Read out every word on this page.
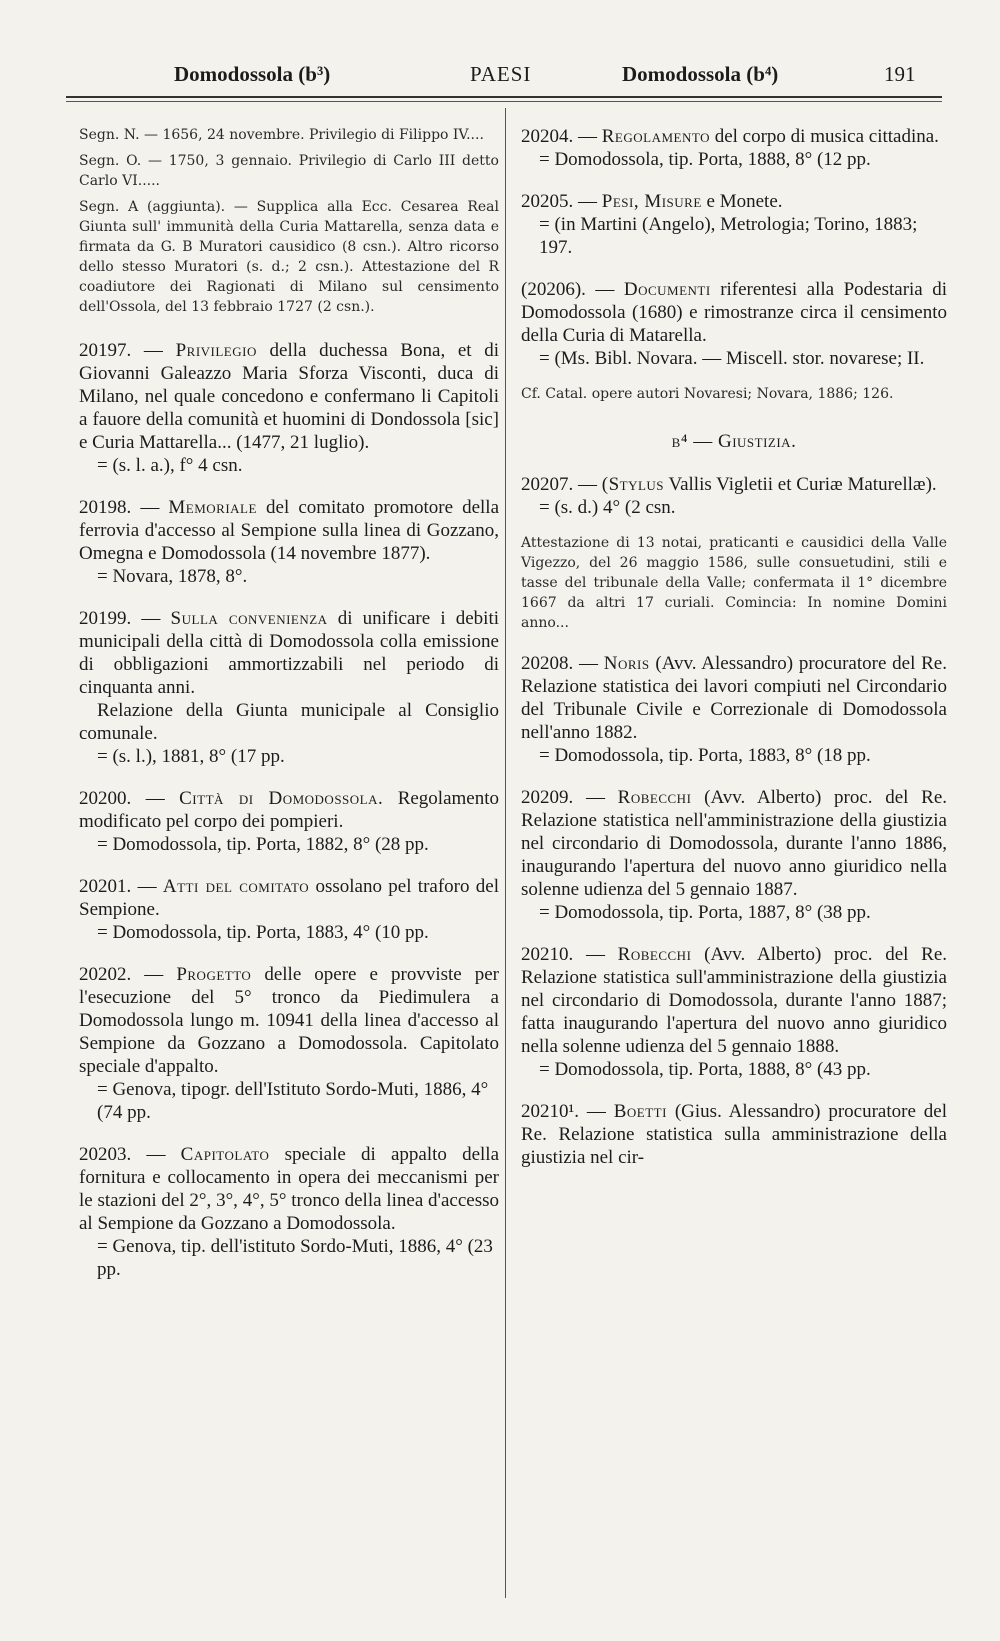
Domodossola (b³)	PAESI	Domodossola (b⁴)	191

Segn. N. — 1656, 24 novembre. Privilegio di Filippo IV....

Segn. O. — 1750, 3 gennaio. Privilegio di Carlo III detto Carlo VI.....

Segn. A (aggiunta). — Supplica alla Ecc. Cesarea Real Giunta sull' immunità della Curia Mattarella, senza data e firmata da G. B Muratori causidico (8 csn.). Altro ricorso dello stesso Muratori (s. d.; 2 csn.). Attestazione del R coadiutore dei Ragionati di Milano sul censimento dell'Ossola, del 13 febbraio 1727 (2 csn.).

20197. — Privilegio della duchessa Bona, et di Giovanni Galeazzo Maria Sforza Visconti, duca di Milano, nel quale concedono e confermano li Capitoli a fauore della comunità et huomini di Dondossola [sic] e Curia Mattarella... (1477, 21 luglio).

= (s. l. a.), f° 4 csn.

20198. — Memoriale del comitato promotore della ferrovia d'accesso al Sempione sulla linea di Gozzano, Omegna e Domodossola (14 novembre 1877).

= Novara, 1878, 8°.

20199. — Sulla convenienza di unificare i debiti municipali della città di Domodossola colla emissione di obbligazioni ammortizzabili nel periodo di cinquanta anni.

Relazione della Giunta municipale al Consiglio comunale.

= (s. l.), 1881, 8° (17 pp.

20200. — Città di Domodossola. Regolamento modificato pel corpo dei pompieri.

= Domodossola, tip. Porta, 1882, 8° (28 pp.

20201. — Atti del comitato ossolano pel traforo del Sempione.

= Domodossola, tip. Porta, 1883, 4° (10 pp.

20202. — Progetto delle opere e provviste per l'esecuzione del 5° tronco da Piedimulera a Domodossola lungo m. 10941 della linea d'accesso al Sempione da Gozzano a Domodossola. Capitolato speciale d'appalto.

= Genova, tipogr. dell'Istituto Sordo-Muti, 1886, 4° (74 pp.

20203. — Capitolato speciale di appalto della fornitura e collocamento in opera dei meccanismi per le stazioni del 2°, 3°, 4°, 5° tronco della linea d'accesso al Sempione da Gozzano a Domodossola.

= Genova, tip. dell'istituto Sordo-Muti, 1886, 4° (23 pp.

20204. — Regolamento del corpo di musica cittadina.

= Domodossola, tip. Porta, 1888, 8° (12 pp.

20205. — Pesi, Misure e Monete.

= (in Martini (Angelo), Metrologia; Torino, 1883; 197.

(20206). — Documenti riferentesi alla Podestaria di Domodossola (1680) e rimostranze circa il censimento della Curia di Matarella.

= (Ms. Bibl. Novara. — Miscell. stor. novarese; II.

Cf. Catal. opere autori Novaresi; Novara, 1886; 126.

b⁴ — Giustizia.

20207. — (Stylus Vallis Vigletii et Curiæ Maturellæ).

= (s. d.) 4° (2 csn.

Attestazione di 13 notai, praticanti e causidici della Valle Vigezzo, del 26 maggio 1586, sulle consuetudini, stili e tasse del tribunale della Valle; confermata il 1° dicembre 1667 da altri 17 curiali. Comincia: In nomine Domini anno...

20208. — Noris (Avv. Alessandro) procuratore del Re. Relazione statistica dei lavori compiuti nel Circondario del Tribunale Civile e Correzionale di Domodossola nell'anno 1882.

= Domodossola, tip. Porta, 1883, 8° (18 pp.

20209. — Robecchi (Avv. Alberto) proc. del Re. Relazione statistica nell'amministrazione della giustizia nel circondario di Domodossola, durante l'anno 1886, inaugurando l'apertura del nuovo anno giuridico nella solenne udienza del 5 gennaio 1887.

= Domodossola, tip. Porta, 1887, 8° (38 pp.

20210. — Robecchi (Avv. Alberto) proc. del Re. Relazione statistica sull'amministrazione della giustizia nel circondario di Domodossola, durante l'anno 1887; fatta inaugurando l'apertura del nuovo anno giuridico nella solenne udienza del 5 gennaio 1888.

= Domodossola, tip. Porta, 1888, 8° (43 pp.

20210¹. — Boetti (Gius. Alessandro) procuratore del Re. Relazione statistica sulla amministrazione della giustizia nel cir-
